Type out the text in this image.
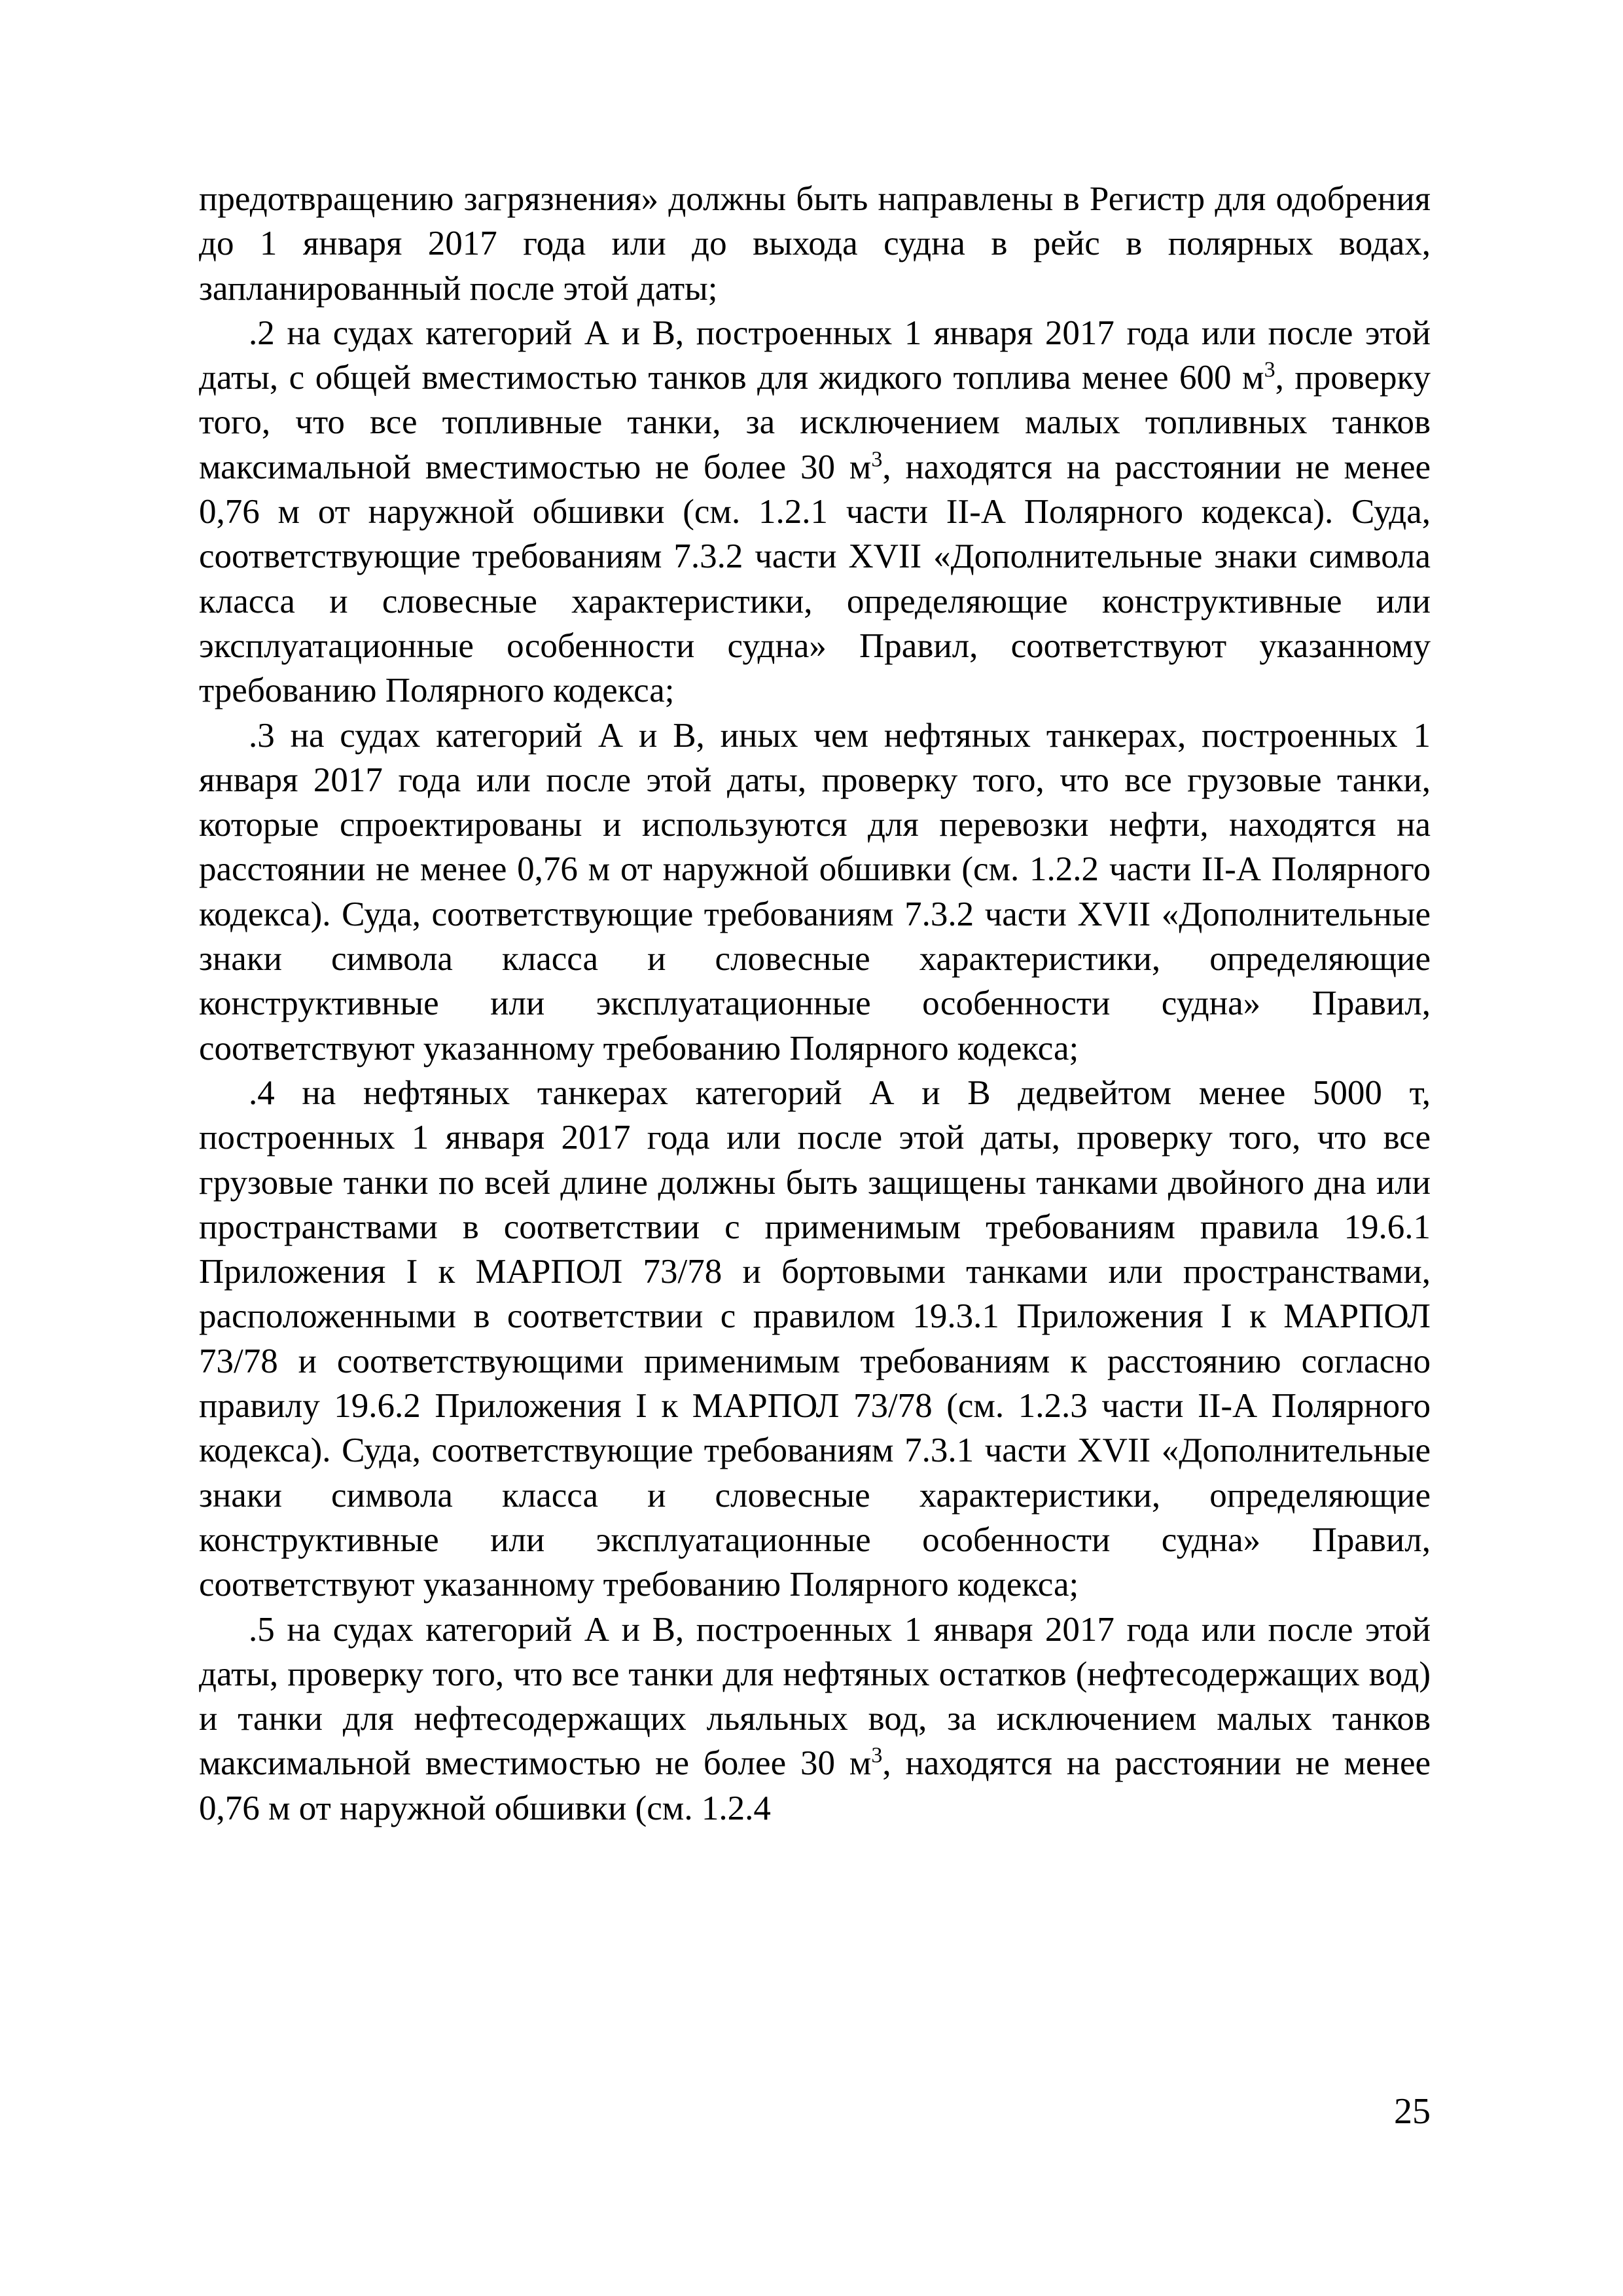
предотвращению загрязнения» должны быть направлены в Регистр для одобрения до 1 января 2017 года или до выхода судна в рейс в полярных водах, запланированный после этой даты;

.2 на судах категорий А и В, построенных 1 января 2017 года или после этой даты, с общей вместимостью танков для жидкого топлива менее 600 $м^3$, проверку того, что все топливные танки, за исключением малых топливных танков максимальной вместимостью не более 30 $м^3$, находятся на расстоянии не менее 0,76 м от наружной обшивки (см. 1.2.1 части II-А Полярного кодекса). Суда, соответствующие требованиям 7.3.2 части XVII «Дополнительные знаки символа класса и словесные характеристики, определяющие конструктивные или эксплуатационные особенности судна» Правил, соответствуют указанному требованию Полярного кодекса;

.3 на судах категорий А и В, иных чем нефтяных танкерах, построенных 1 января 2017 года или после этой даты, проверку того, что все грузовые танки, которые спроектированы и используются для перевозки нефти, находятся на расстоянии не менее 0,76 м от наружной обшивки (см. 1.2.2 части II-А Полярного кодекса). Суда, соответствующие требованиям 7.3.2 части XVII «Дополнительные знаки символа класса и словесные характеристики, определяющие конструктивные или эксплуатационные особенности судна» Правил, соответствуют указанному требованию Полярного кодекса;

.4 на нефтяных танкерах категорий А и В дедвейтом менее 5000 т, построенных 1 января 2017 года или после этой даты, проверку того, что все грузовые танки по всей длине должны быть защищены танками двойного дна или пространствами в соответствии с применимым требованиям правила 19.6.1 Приложения I к МАРПОЛ 73/78 и бортовыми танками или пространствами, расположенными в соответствии с правилом 19.3.1 Приложения I к МАРПОЛ 73/78 и соответствующими применимым требованиям к расстоянию согласно правилу 19.6.2 Приложения I к МАРПОЛ 73/78 (см. 1.2.3 части II-А Полярного кодекса). Суда, соответствующие требованиям 7.3.1 части XVII «Дополнительные знаки символа класса и словесные характеристики, определяющие конструктивные или эксплуатационные особенности судна» Правил, соответствуют указанному требованию Полярного кодекса;

.5 на судах категорий А и В, построенных 1 января 2017 года или после этой даты, проверку того, что все танки для нефтяных остатков (нефтесодержащих вод) и танки для нефтесодержащих льяльных вод, за исключением малых танков максимальной вместимостью не более 30 $м^3$, находятся на расстоянии не менее 0,76 м от наружной обшивки (см. 1.2.4

25
